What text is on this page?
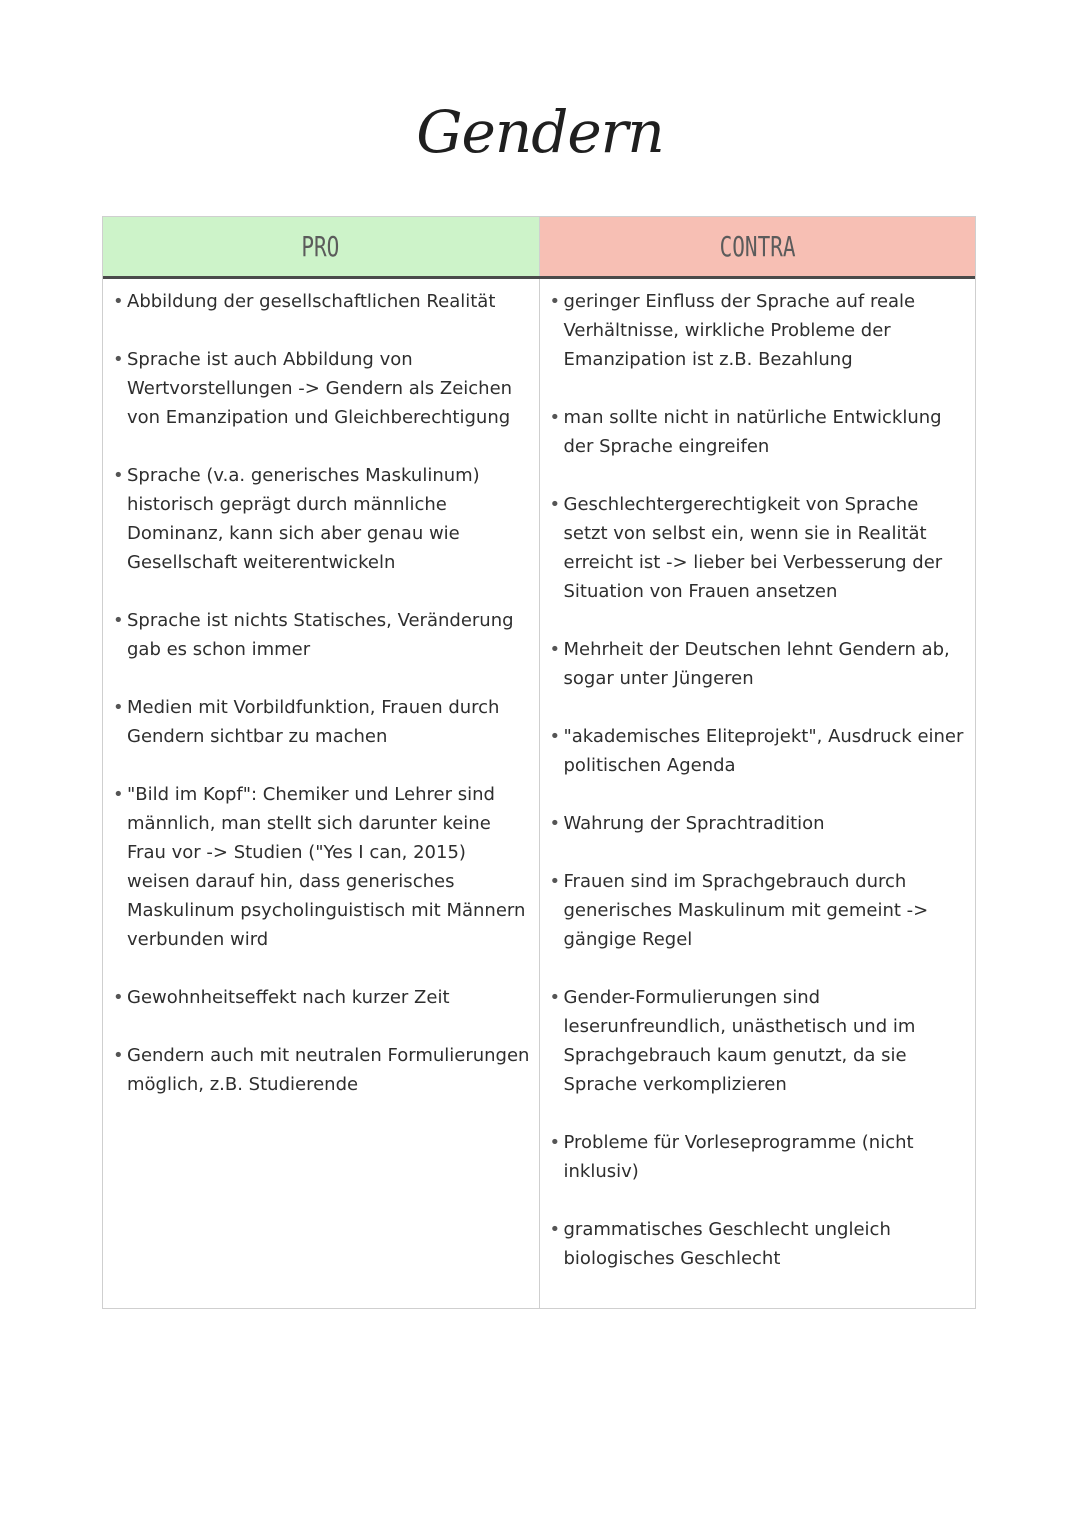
Gendern
PRO	CONTRA
• Abbildung der gesellschaftlichen Realität
• Sprache ist auch Abbildung von Wertvorstellungen -> Gendern als Zeichen von Emanzipation und Gleichberechtigung
• Sprache (v.a. generisches Maskulinum) historisch geprägt durch männliche Dominanz, kann sich aber genau wie Gesellschaft weiterentwickeln
• Sprache ist nichts Statisches, Veränderung gab es schon immer
• Medien mit Vorbildfunktion, Frauen durch Gendern sichtbar zu machen
• "Bild im Kopf": Chemiker und Lehrer sind männlich, man stellt sich darunter keine Frau vor -> Studien ("Yes I can, 2015) weisen darauf hin, dass generisches Maskulinum psycholinguistisch mit Männern verbunden wird
• Gewohnheitseffekt nach kurzer Zeit
• Gendern auch mit neutralen Formulierungen möglich, z.B. Studierende
• geringer Einfluss der Sprache auf reale Verhältnisse, wirkliche Probleme der Emanzipation ist z.B. Bezahlung
• man sollte nicht in natürliche Entwicklung der Sprache eingreifen
• Geschlechtergerechtigkeit von Sprache setzt von selbst ein, wenn sie in Realität erreicht ist -> lieber bei Verbesserung der Situation von Frauen ansetzen
• Mehrheit der Deutschen lehnt Gendern ab, sogar unter Jüngeren
• "akademisches Eliteprojekt", Ausdruck einer politischen Agenda
• Wahrung der Sprachtradition
• Frauen sind im Sprachgebrauch durch generisches Maskulinum mit gemeint -> gängige Regel
• Gender-Formulierungen sind leserunfreundlich, unästhetisch und im Sprachgebrauch kaum genutzt, da sie Sprache verkomplizieren
• Probleme für Vorleseprogramme (nicht inklusiv)
• grammatisches Geschlecht ungleich biologisches Geschlecht
